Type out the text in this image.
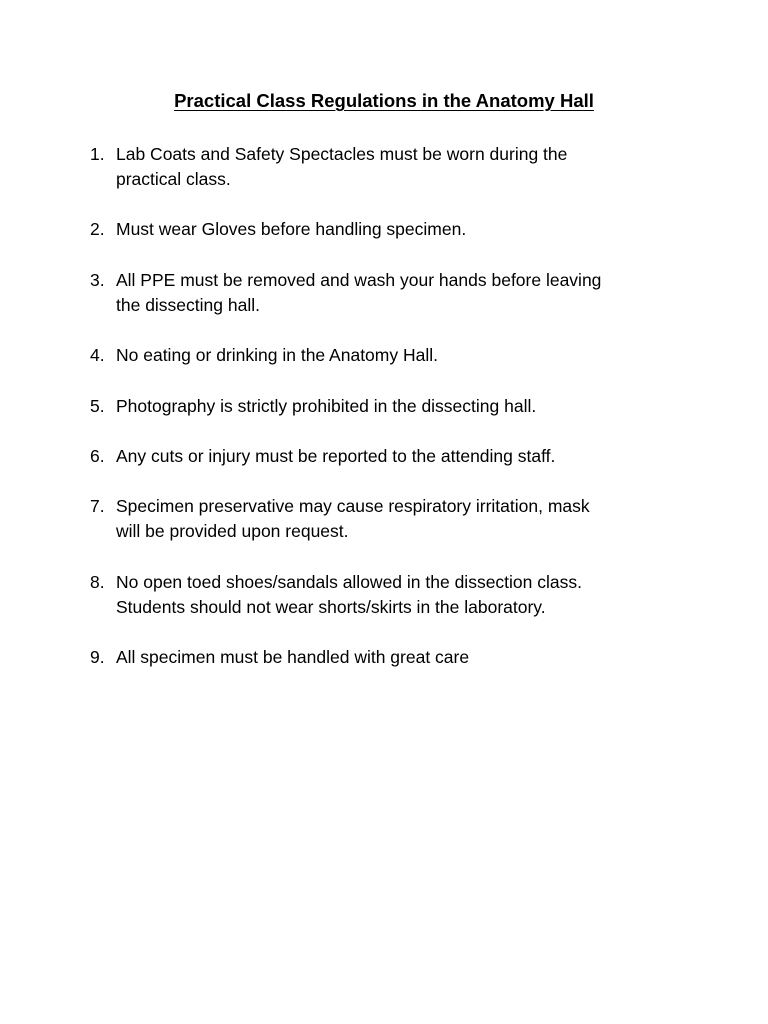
Practical Class Regulations in the Anatomy Hall
1. Lab Coats and Safety Spectacles must be worn during the
practical class.
2. Must wear Gloves before handling specimen.
3. All PPE must be removed and wash your hands before leaving
the dissecting hall.
4. No eating or drinking in the Anatomy Hall.
5. Photography is strictly prohibited in the dissecting hall.
6. Any cuts or injury must be reported to the attending staff.
7. Specimen preservative may cause respiratory irritation, mask
will be provided upon request.
8. No open toed shoes/sandals allowed in the dissection class.
Students should not wear shorts/skirts in the laboratory.
9. All specimen must be handled with great care
